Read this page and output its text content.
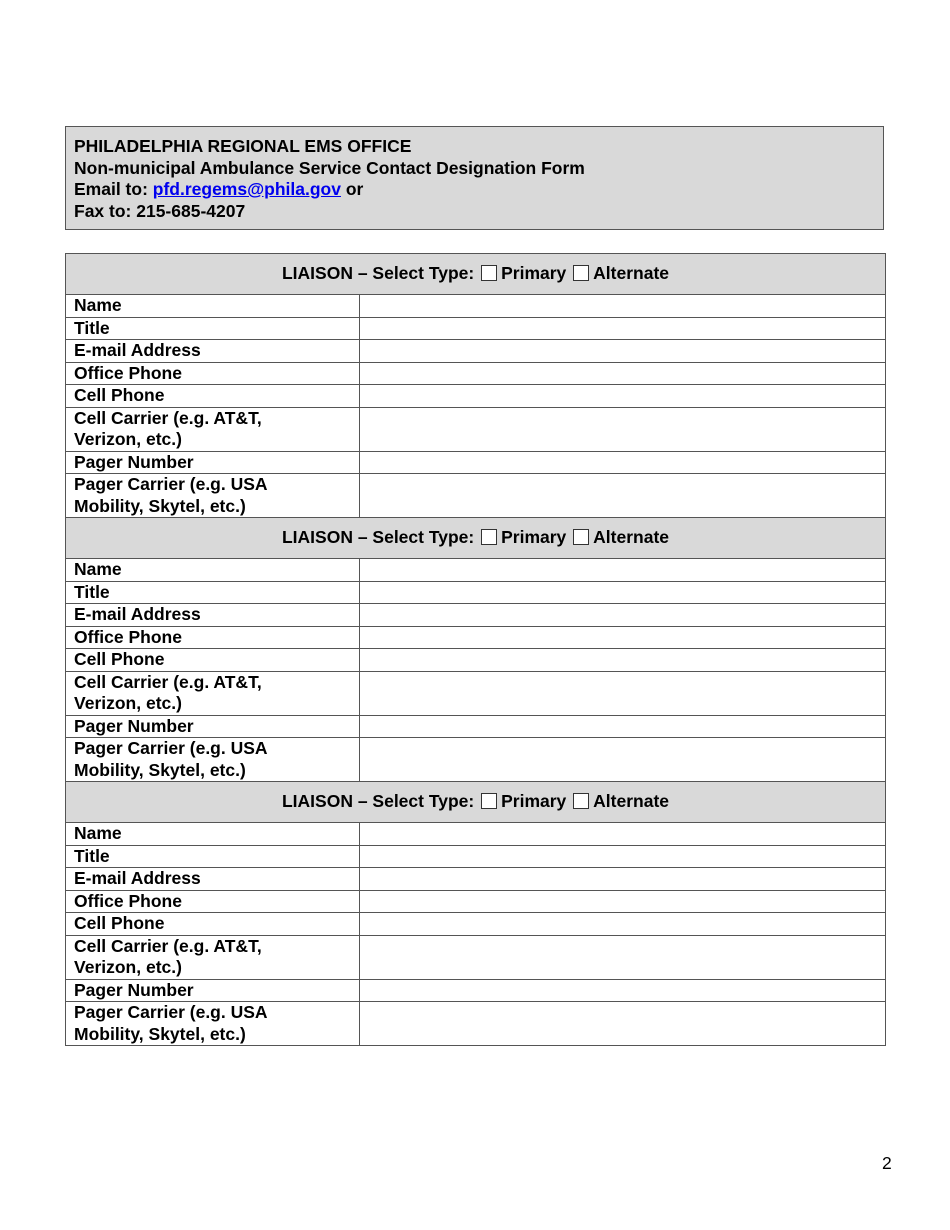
PHILADELPHIA REGIONAL EMS OFFICE
Non-municipal Ambulance Service Contact Designation Form
Email to: pfd.regems@phila.gov or
Fax to: 215-685-4207
LIAISON – Select Type: Primary Alternate	
Name	
Title	
E-mail Address	
Office Phone	
Cell Phone	
Cell Carrier (e.g. AT&T,
Verizon, etc.)	
Pager Number	
Pager Carrier (e.g. USA
Mobility, Skytel, etc.)	
LIAISON – Select Type: Primary Alternate	
Name	
Title	
E-mail Address	
Office Phone	
Cell Phone	
Cell Carrier (e.g. AT&T,
Verizon, etc.)	
Pager Number	
Pager Carrier (e.g. USA
Mobility, Skytel, etc.)	
LIAISON – Select Type: Primary Alternate	
Name	
Title	
E-mail Address	
Office Phone	
Cell Phone	
Cell Carrier (e.g. AT&T,
Verizon, etc.)	
Pager Number	
Pager Carrier (e.g. USA
Mobility, Skytel, etc.)	
2
